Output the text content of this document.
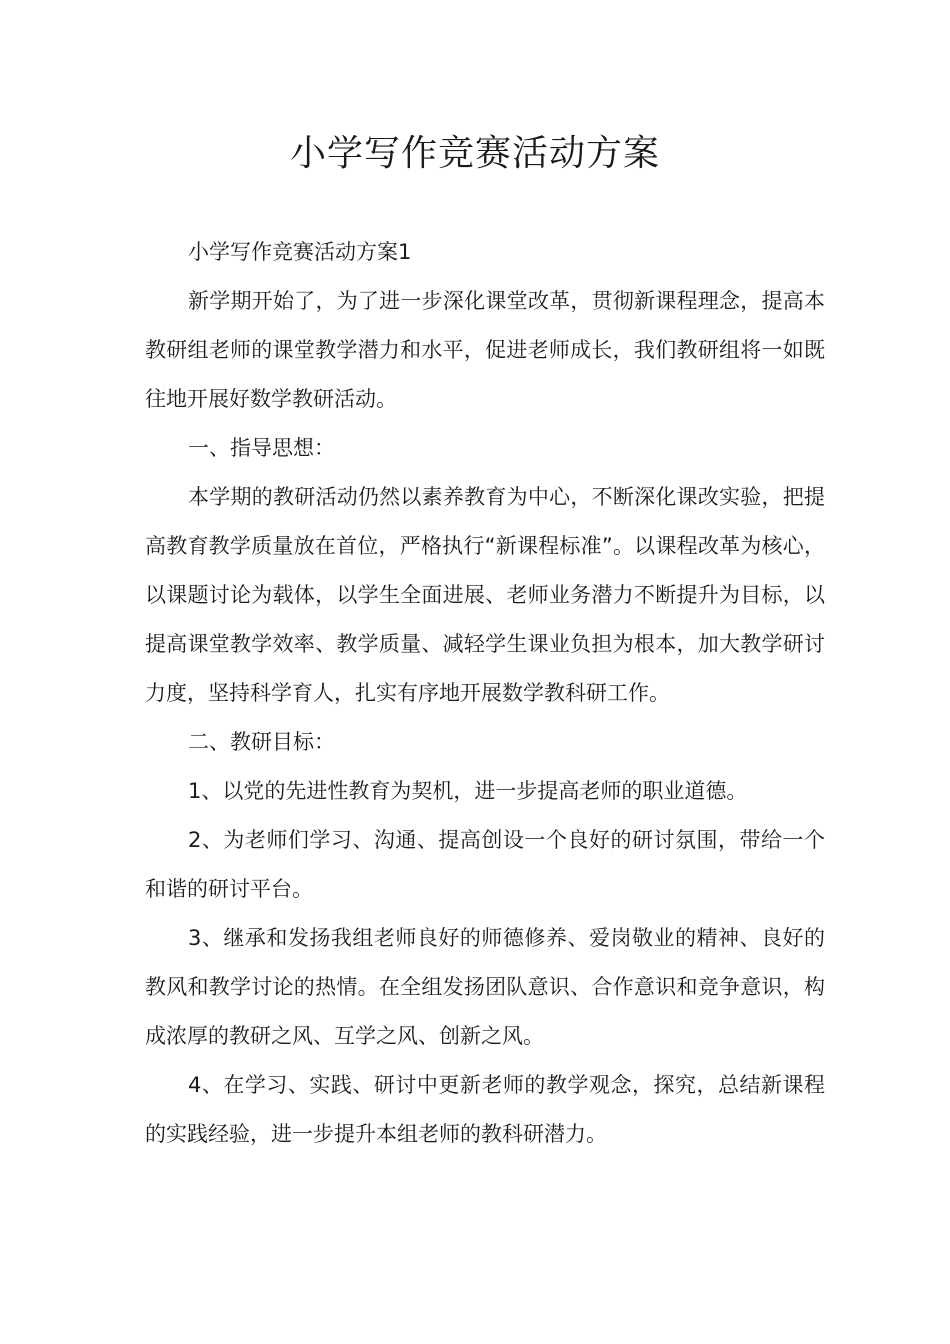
小学写作竞赛活动方案

小学写作竞赛活动方案1

新学期开始了，为了进一步深化课堂改革，贯彻新课程理念，提高本教研组老师的课堂教学潜力和水平，促进老师成长，我们教研组将一如既往地开展好数学教研活动。

一、指导思想：

本学期的教研活动仍然以素养教育为中心，不断深化课改实验，把提高教育教学质量放在首位，严格执行“新课程标准”。以课程改革为核心，以课题讨论为载体，以学生全面进展、老师业务潜力不断提升为目标，以提高课堂教学效率、教学质量、减轻学生课业负担为根本，加大教学研讨力度，坚持科学育人，扎实有序地开展数学教科研工作。

二、教研目标：

1、以党的先进性教育为契机，进一步提高老师的职业道德。

2、为老师们学习、沟通、提高创设一个良好的研讨氛围，带给一个和谐的研讨平台。

3、继承和发扬我组老师良好的师德修养、爱岗敬业的精神、良好的教风和教学讨论的热情。在全组发扬团队意识、合作意识和竞争意识，构成浓厚的教研之风、互学之风、创新之风。

4、在学习、实践、研讨中更新老师的教学观念，探究，总结新课程的实践经验，进一步提升本组老师的教科研潜力。
